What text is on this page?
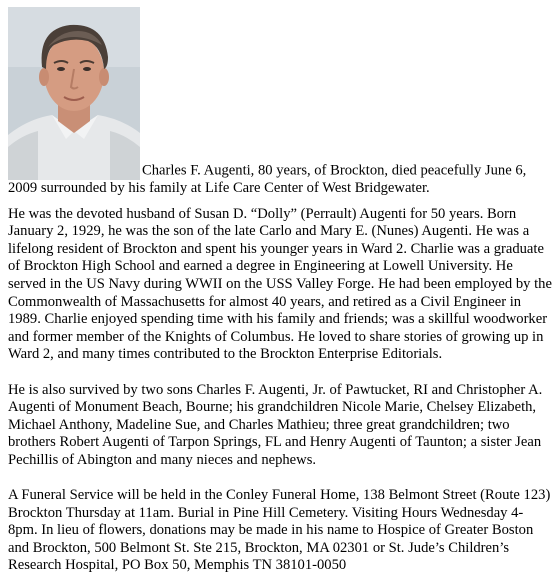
Charles F. Augenti, 80 years, of Brockton, died peacefully June 6, 2009 surrounded by his family at Life Care Center of West Bridgewater.

He was the devoted husband of Susan D. “Dolly” (Perrault) Augenti for 50 years. Born January 2, 1929, he was the son of the late Carlo and Mary E. (Nunes) Augenti. He was a lifelong resident of Brockton and spent his younger years in Ward 2. Charlie was a graduate of Brockton High School and earned a degree in Engineering at Lowell University. He served in the US Navy during WWII on the USS Valley Forge. He had been employed by the Commonwealth of Massachusetts for almost 40 years, and retired as a Civil Engineer in 1989. Charlie enjoyed spending time with his family and friends; was a skillful woodworker and former member of the Knights of Columbus. He loved to share stories of growing up in Ward 2, and many times contributed to the Brockton Enterprise Editorials.

He is also survived by two sons Charles F. Augenti, Jr. of Pawtucket, RI and Christopher A. Augenti of Monument Beach, Bourne; his grandchildren Nicole Marie, Chelsey Elizabeth, Michael Anthony, Madeline Sue, and Charles Mathieu; three great grandchildren; two brothers Robert Augenti of Tarpon Springs, FL and Henry Augenti of Taunton; a sister Jean Pechillis of Abington and many nieces and nephews.

A Funeral Service will be held in the Conley Funeral Home, 138 Belmont Street (Route 123) Brockton Thursday at 11am. Burial in Pine Hill Cemetery. Visiting Hours Wednesday 4-8pm. In lieu of flowers, donations may be made in his name to Hospice of Greater Boston and Brockton, 500 Belmont St. Ste 215, Brockton, MA 02301 or St. Jude’s Children’s Research Hospital, PO Box 50, Memphis TN 38101-0050
